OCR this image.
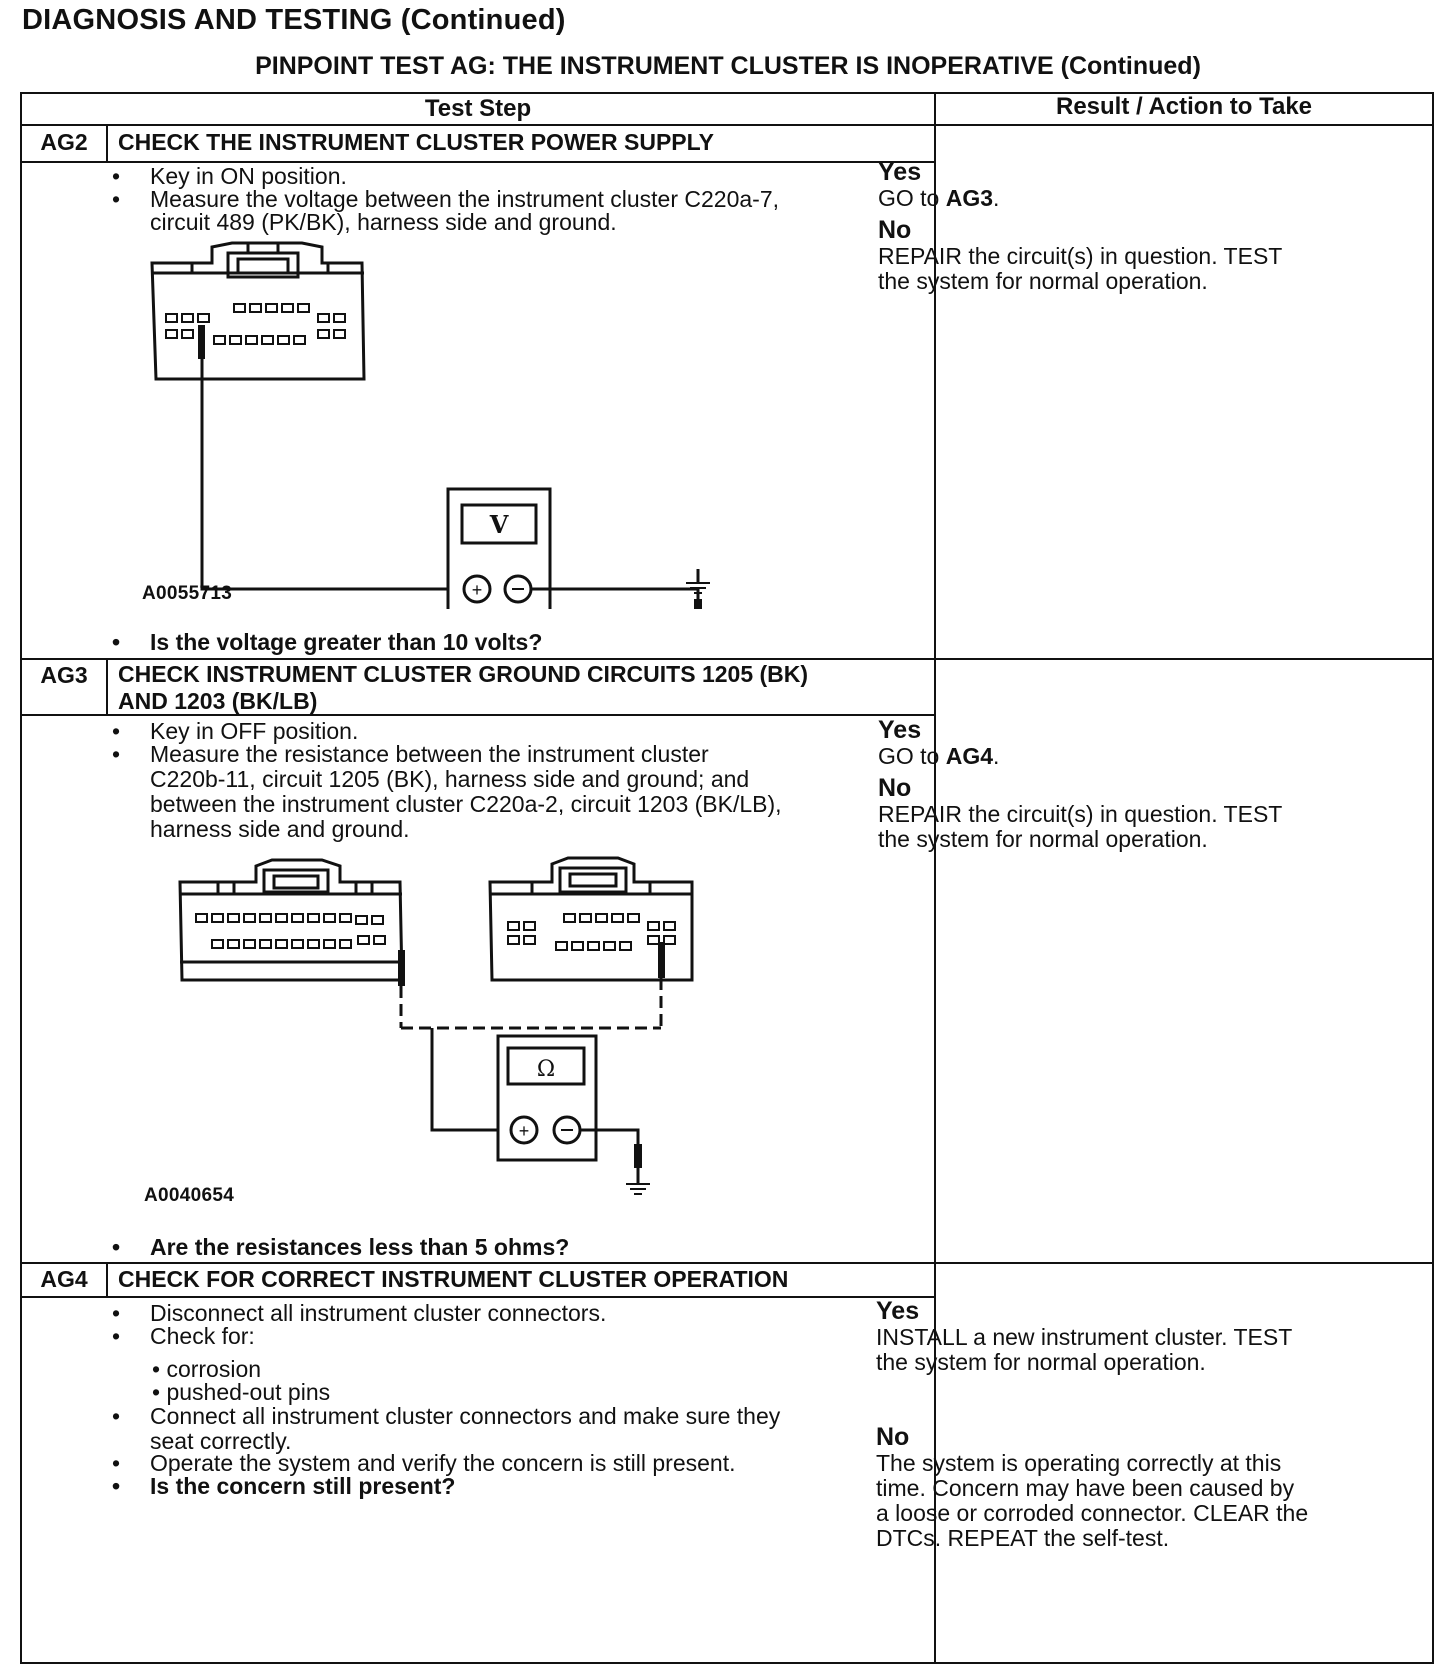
DIAGNOSIS AND TESTING (Continued)
PINPOINT TEST AG: THE INSTRUMENT CLUSTER IS INOPERATIVE (Continued)
Test Step	Result / Action to Take
AG2	CHECK THE INSTRUMENT CLUSTER POWER SUPPLY
• Key in ON position.
• Measure the voltage between the instrument cluster C220a-7,
circuit 489 (PK/BK), harness side and ground.
V
+
A0055713
• Is the voltage greater than 10 volts?
Yes
GO to AG3.
No
REPAIR the circuit(s) in question. TEST
the system for normal operation.
AG3	CHECK INSTRUMENT CLUSTER GROUND CIRCUITS 1205 (BK)
AND 1203 (BK/LB)
• Key in OFF position.
• Measure the resistance between the instrument cluster
C220b-11, circuit 1205 (BK), harness side and ground; and
between the instrument cluster C220a-2, circuit 1203 (BK/LB),
harness side and ground.
Ω
+
A0040654
• Are the resistances less than 5 ohms?
Yes
GO to AG4.
No
REPAIR the circuit(s) in question. TEST
the system for normal operation.
AG4	CHECK FOR CORRECT INSTRUMENT CLUSTER OPERATION
• Disconnect all instrument cluster connectors.
• Check for:
• corrosion
• pushed-out pins
• Connect all instrument cluster connectors and make sure they
seat correctly.
• Operate the system and verify the concern is still present.
• Is the concern still present?
Yes
INSTALL a new instrument cluster. TEST
the system for normal operation.
No
The system is operating correctly at this
time. Concern may have been caused by
a loose or corroded connector. CLEAR the
DTCs. REPEAT the self-test.
